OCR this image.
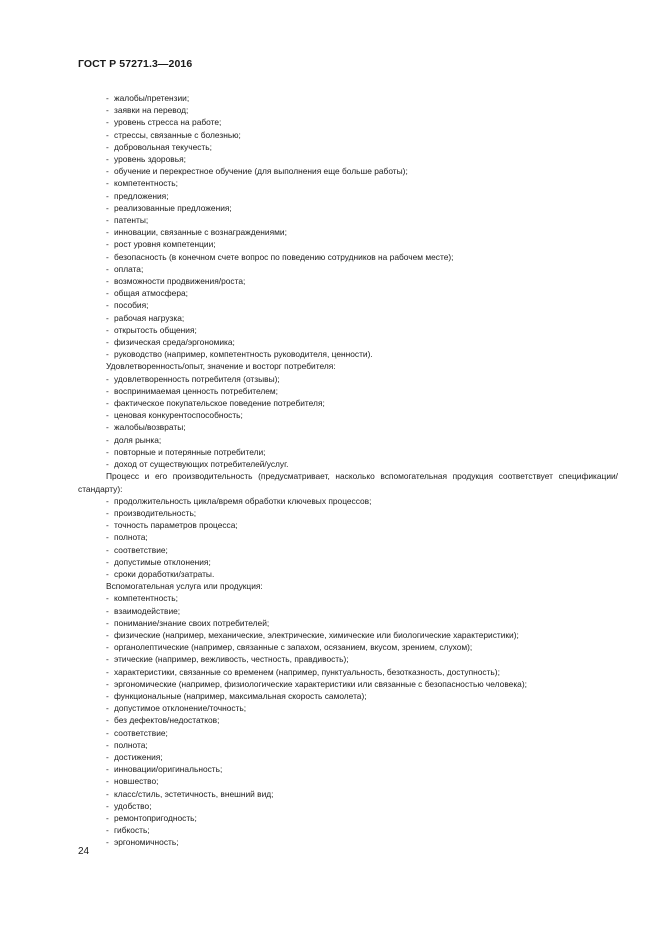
ГОСТ Р 57271.3—2016
- жалобы/претензии;
- заявки на перевод;
- уровень стресса на работе;
- стрессы, связанные с болезнью;
- добровольная текучесть;
- уровень здоровья;
- обучение и перекрестное обучение (для выполнения еще больше работы);
- компетентность;
- предложения;
- реализованные предложения;
- патенты;
- инновации, связанные с вознаграждениями;
- рост уровня компетенции;
- безопасность (в конечном счете вопрос по поведению сотрудников на рабочем месте);
- оплата;
- возможности продвижения/роста;
- общая атмосфера;
- пособия;
- рабочая нагрузка;
- открытость общения;
- физическая среда/эргономика;
- руководство (например, компетентность руководителя, ценности).
Удовлетворенность/опыт, значение и восторг потребителя:
- удовлетворенность потребителя (отзывы);
- воспринимаемая ценность потребителем;
- фактическое покупательское поведение потребителя;
- ценовая конкурентоспособность;
- жалобы/возвраты;
- доля рынка;
- повторные и потерянные потребители;
- доход от существующих потребителей/услуг.
Процесс и его производительность (предусматривает, насколько вспомогательная продукция соответствует спецификации/стандарту):
- продолжительность цикла/время обработки ключевых процессов;
- производительность;
- точность параметров процесса;
- полнота;
- соответствие;
- допустимые отклонения;
- сроки доработки/затраты.
Вспомогательная услуга или продукция:
- компетентность;
- взаимодействие;
- понимание/знание своих потребителей;
- физические (например, механические, электрические, химические или биологические характеристики);
- органолептические (например, связанные с запахом, осязанием, вкусом, зрением, слухом);
- этические (например, вежливость, честность, правдивость);
- характеристики, связанные со временем (например, пунктуальность, безотказность, доступность);
- эргономические (например, физиологические характеристики или связанные с безопасностью человека);
- функциональные (например, максимальная скорость самолета);
- допустимое отклонение/точность;
- без дефектов/недостатков;
- соответствие;
- полнота;
- достижения;
- инновации/оригинальность;
- новшество;
- класс/стиль, эстетичность, внешний вид;
- удобство;
- ремонтопригодность;
- гибкость;
- эргономичность;
24
